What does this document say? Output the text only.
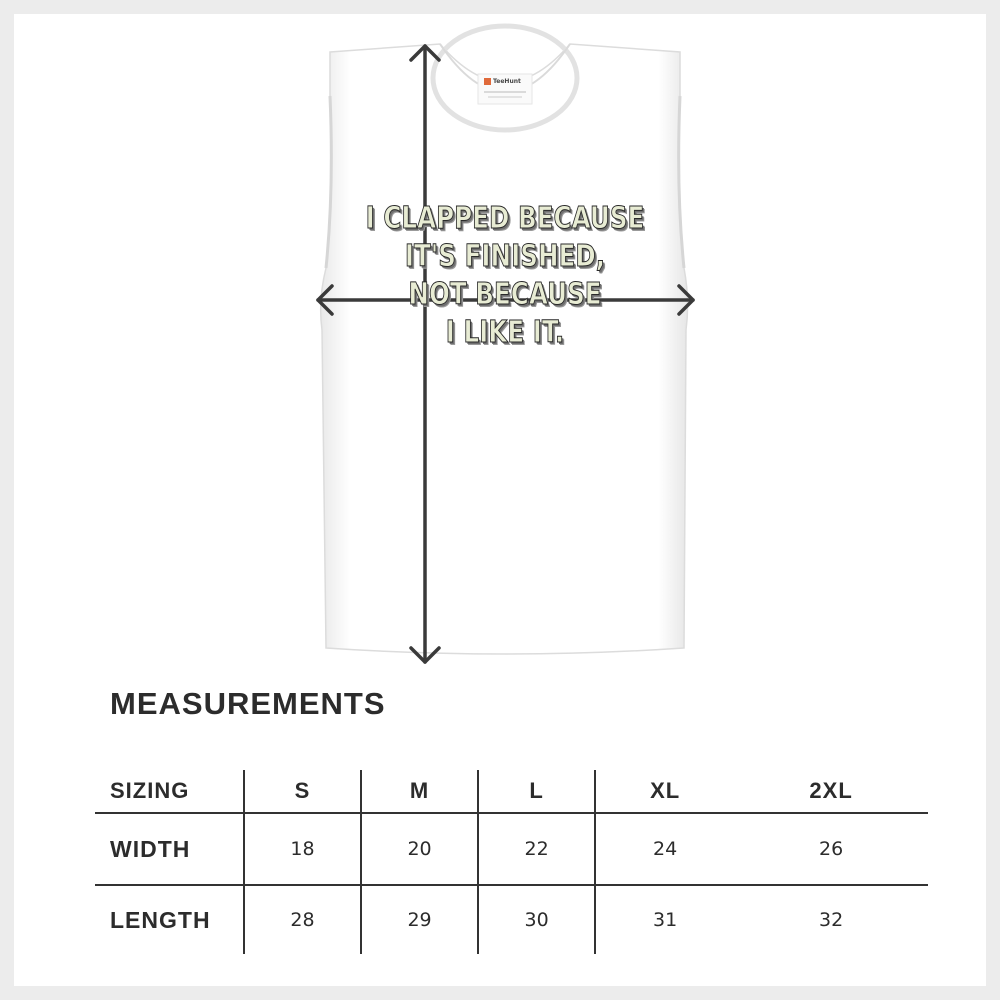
TeeHunt
I CLAPPED BECAUSE
IT'S FINISHED,
NOT BECAUSE
I LIKE IT.
MEASUREMENTS
SIZING	S	M	L	XL	2XL
WIDTH	18	20	22	24	26
LENGTH	28	29	30	31	32
